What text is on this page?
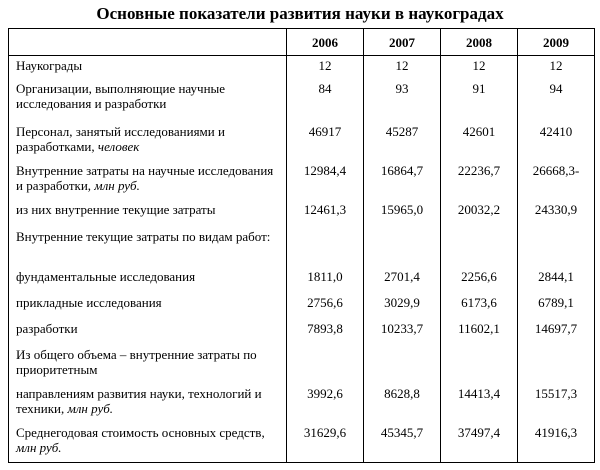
Основные показатели развития науки в наукоградах
	2006	2007	2008	2009
Наукограды	12	12	12	12
Организации, выполняющие научные исследования и разработки	84	93	91	94
Персонал, занятый исследованиями и разработками, человек	46917	45287	42601	42410
Внутренние затраты на научные исследования и разработки, млн руб.	12984,4	16864,7	22236,7	26668,3-
из них внутренние текущие затраты	12461,3	15965,0	20032,2	24330,9
Внутренние текущие затраты по видам работ:				
фундаментальные исследования	1811,0	2701,4	2256,6	2844,1
прикладные исследования	2756,6	3029,9	6173,6	6789,1
разработки	7893,8	10233,7	11602,1	14697,7
Из общего объема – внутренние затраты по приоритетным				
направлениям развития науки, технологий и техники, млн руб.	3992,6	8628,8	14413,4	15517,3
Среднегодовая стоимость основных средств, млн руб.	31629,6	45345,7	37497,4	41916,3
